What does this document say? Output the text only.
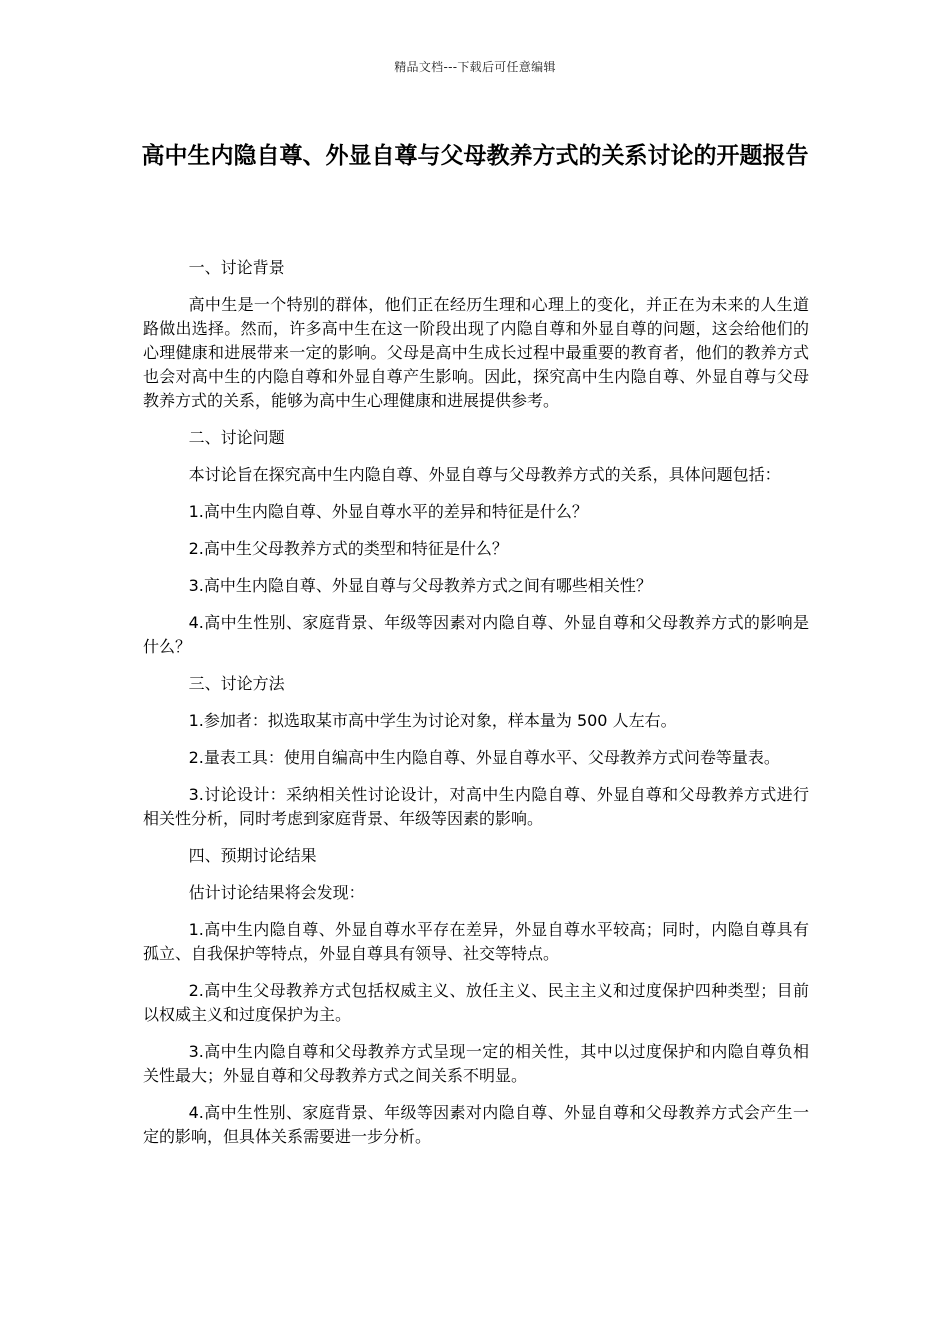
精品文档---下载后可任意编辑
高中生内隐自尊、外显自尊与父母教养方式的关系讨论的开题报告

一、讨论背景

高中生是一个特别的群体，他们正在经历生理和心理上的变化，并正在为未来的人生道路做出选择。然而，许多高中生在这一阶段出现了内隐自尊和外显自尊的问题，这会给他们的心理健康和进展带来一定的影响。父母是高中生成长过程中最重要的教育者，他们的教养方式也会对高中生的内隐自尊和外显自尊产生影响。因此，探究高中生内隐自尊、外显自尊与父母教养方式的关系，能够为高中生心理健康和进展提供参考。

二、讨论问题

本讨论旨在探究高中生内隐自尊、外显自尊与父母教养方式的关系，具体问题包括：

1.高中生内隐自尊、外显自尊水平的差异和特征是什么？

2.高中生父母教养方式的类型和特征是什么？

3.高中生内隐自尊、外显自尊与父母教养方式之间有哪些相关性？

4.高中生性别、家庭背景、年级等因素对内隐自尊、外显自尊和父母教养方式的影响是什么？

三、讨论方法

1.参加者：拟选取某市高中学生为讨论对象，样本量为 500 人左右。

2.量表工具：使用自编高中生内隐自尊、外显自尊水平、父母教养方式问卷等量表。

3.讨论设计：采纳相关性讨论设计，对高中生内隐自尊、外显自尊和父母教养方式进行相关性分析，同时考虑到家庭背景、年级等因素的影响。

四、预期讨论结果

估计讨论结果将会发现：

1.高中生内隐自尊、外显自尊水平存在差异，外显自尊水平较高；同时，内隐自尊具有孤立、自我保护等特点，外显自尊具有领导、社交等特点。

2.高中生父母教养方式包括权威主义、放任主义、民主主义和过度保护四种类型；目前以权威主义和过度保护为主。

3.高中生内隐自尊和父母教养方式呈现一定的相关性，其中以过度保护和内隐自尊负相关性最大；外显自尊和父母教养方式之间关系不明显。

4.高中生性别、家庭背景、年级等因素对内隐自尊、外显自尊和父母教养方式会产生一定的影响，但具体关系需要进一步分析。
